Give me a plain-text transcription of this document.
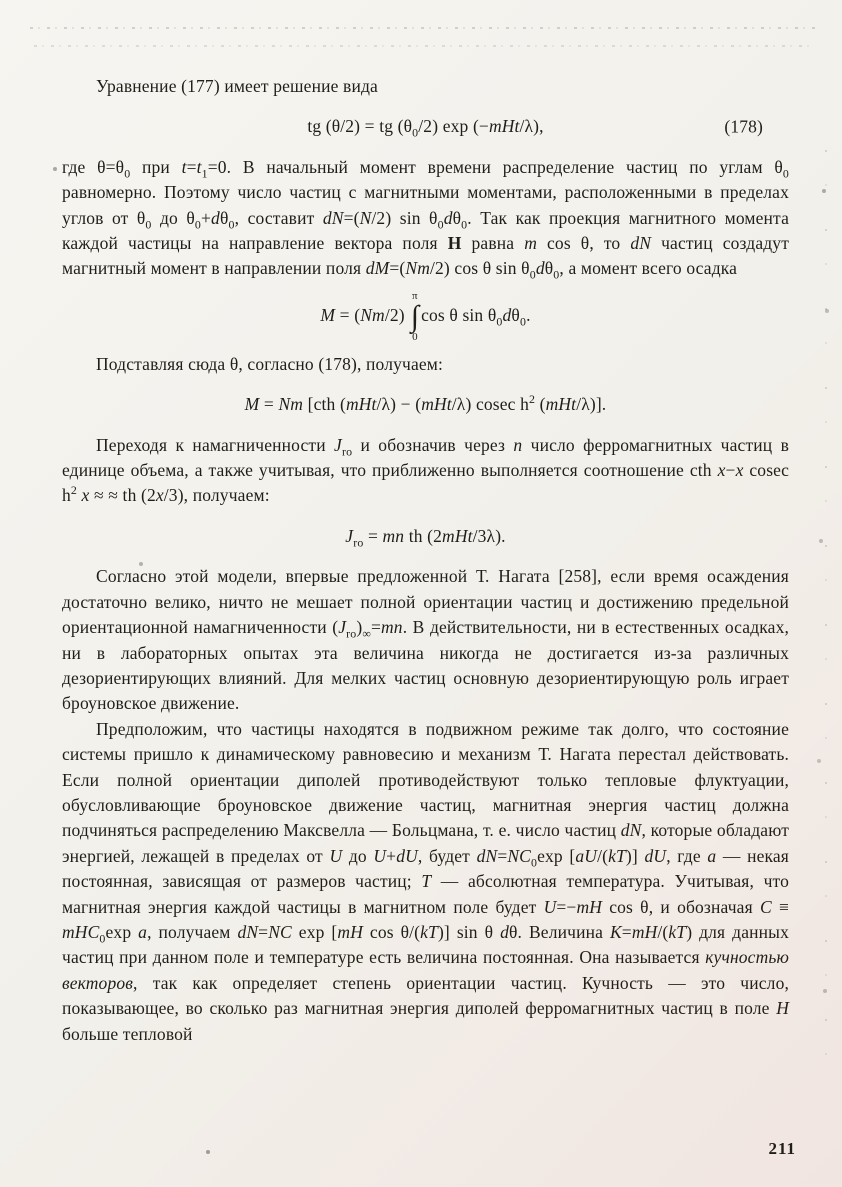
Уравнение (177) имеет решение вида

tg (θ/2) = tg $(\theta_0/2)$ exp (−mHt/λ),	(178)

где $\theta=\theta_0$ при $t=t_1=0$. В начальный момент времени распределение частиц по углам $\theta_0$ равномерно. Поэтому число частиц с магнитными моментами, расположенными в пределах углов от $\theta_0$ до $\theta_0+d\theta_0$, составит dN=(N/2) $\sin \theta_0d\theta_0$. Так как проекция магнитного момента каждой частицы на направление вектора поля H равна m cos θ, то dN частиц создадут магнитный момент в направлении поля dM=(Nm/2) cos θ $\sin \theta_0d\theta_0$, а момент всего осадка

M = (Nm/2)
π
∫
0
cos θ $\sin \theta_0d\theta_0$.

Подставляя сюда θ, согласно (178), получаем:

M = Nm [cth (mHt/λ) − (mHt/λ) cosec $h^2$ (mHt/λ)].

Переходя к намагниченности $J_{ro}$ и обозначив через n число ферромагнитных частиц в единице объема, а также учитывая, что приближенно выполняется соотношение cth x−x cosec $h^2$ x ≈ ≈ th (2x/3), получаем:

$J_{ro}$ = mn th (2mHt/3λ).

Согласно этой модели, впервые предложенной Т. Нагата [258], если время осаждения достаточно велико, ничто не мешает полной ориентации частиц и достижению предельной ориентационной намагниченности $(J_{ro})_\infty=mn$. В действительности, ни в естественных осадках, ни в лабораторных опытах эта величина никогда не достигается из-за различных дезориентирующих влияний. Для мелких частиц основную дезориентирующую роль играет броуновское движение.

Предположим, что частицы находятся в подвижном режиме так долго, что состояние системы пришло к динамическому равновесию и механизм Т. Нагата перестал действовать. Если полной ориентации диполей противодействуют только тепловые флуктуации, обусловливающие броуновское движение частиц, магнитная энергия частиц должна подчиняться распределению Максвелла — Больцмана, т. е. число частиц dN, которые обладают энергией, лежащей в пределах от U до U+dU, будет $dN=NC_0\exp$ [aU/(kT)] dU, где a — некая постоянная, зависящая от размеров частиц; T — абсолютная температура. Учитывая, что магнитная энергия каждой частицы в магнитном поле будет U=−mH cos θ, и обозначая C ≡ mHC$_0$exp a, получаем dN=NC exp [mH cos θ/(kT)] sin θ dθ. Величина K=mH/(kT) для данных частиц при данном поле и температуре есть величина постоянная. Она называется кучностью векторов, так как определяет степень ориентации частиц. Кучность — это число, показывающее, во сколько раз магнитная энергия диполей ферромагнитных частиц в поле H больше тепловой

211
